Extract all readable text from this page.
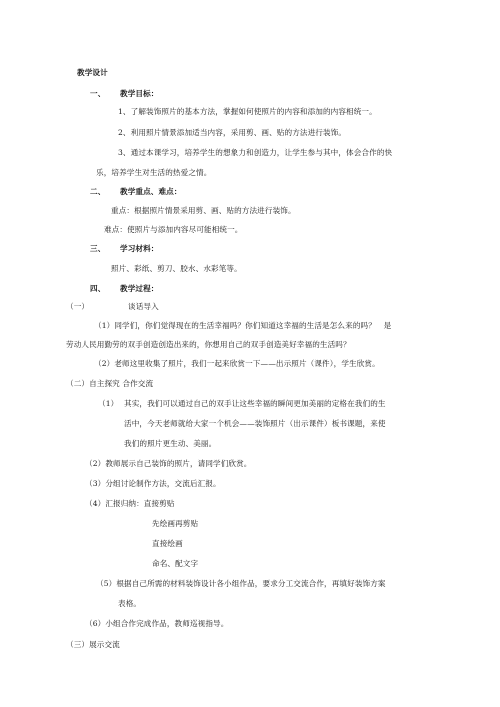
教学设计
一、 教学目标：
1、了解装饰照片的基本方法，掌握如何使照片的内容和添加的内容相统一。
2、利用照片情景添加适当内容，采用剪、画、贴的方法进行装饰。
3、通过本课学习，培养学生的想象力和创造力，让学生参与其中，体会合作的快
乐，培养学生对生活的热爱之情。
二、 教学重点、难点：
重点：根据照片情景采用剪、画、贴的方法进行装饰。
难点：使照片与添加内容尽可能相统一。
三、 学习材料：
照片、彩纸、剪刀、胶水、水彩笔等。
四、 教学过程：
（一）	谈话导入
（1）同学们，你们觉得现在的生活幸福吗？你们知道这幸福的生活是怎么来的吗？　是
劳动人民用勤劳的双手创造创造出来的，你想用自己的双手创造美好幸福的生活吗？
（2）老师这里收集了照片，我们一起来欣赏一下——出示照片（课件），学生欣赏。
（二）自主探究 合作交流
（1） 其实，我们可以通过自己的双手让这些幸福的瞬间更加美丽的定格在我们的生
活中，今天老师就给大家一个机会——装饰照片（出示课件）板书课题，来使
我们的照片更生动、美丽。
（2）教师展示自己装饰的照片，请同学们欣赏。
（3）分组讨论制作方法，交流后汇报。
（4）汇报归纳：直接剪贴
先绘画再剪贴
直接绘画
命名、配文字
（5）根据自己所需的材料装饰设计各小组作品，要求分工交流合作，再填好装饰方案
表格。
（6）小组合作完成作品，教师巡视指导。
（三）展示交流
